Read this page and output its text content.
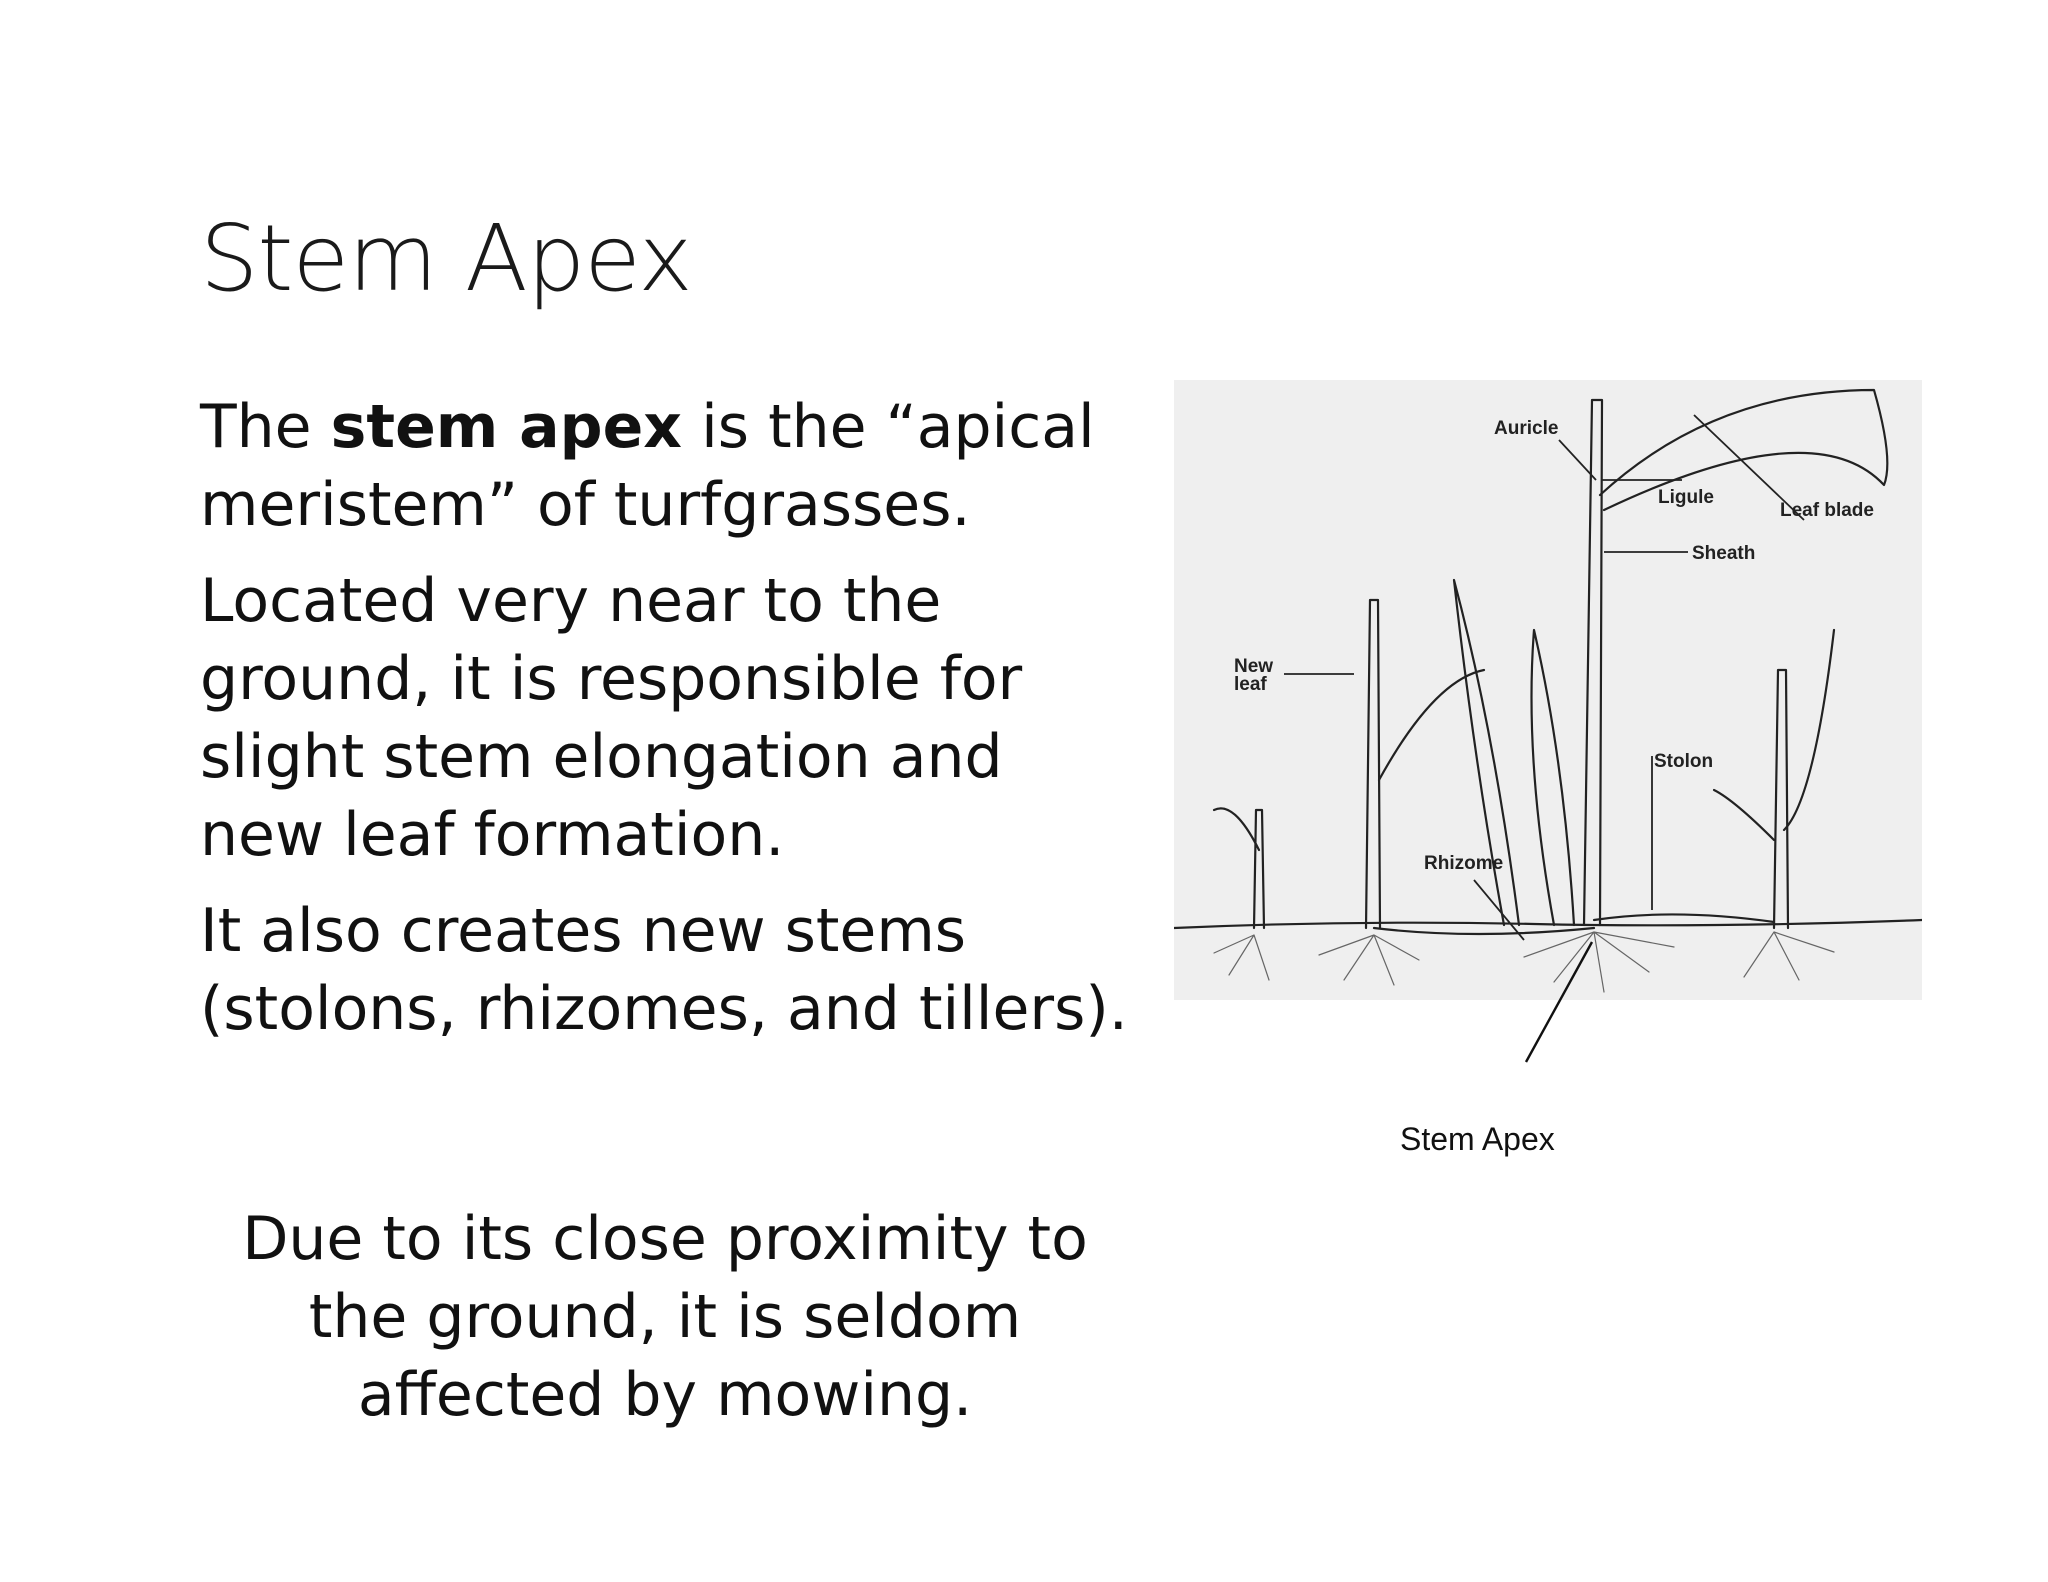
Stem Apex

The stem apex is the “apical meristem” of turfgrasses.

Located very near to the ground, it is responsible for slight stem elongation and new leaf formation.

It also creates new stems (stolons, rhizomes, and tillers).

Due to its close proximity to the ground, it is seldom affected by mowing.
Auricle
Ligule
Leaf blade
Sheath
New
leaf
Stolon
Rhizome
Stem Apex
